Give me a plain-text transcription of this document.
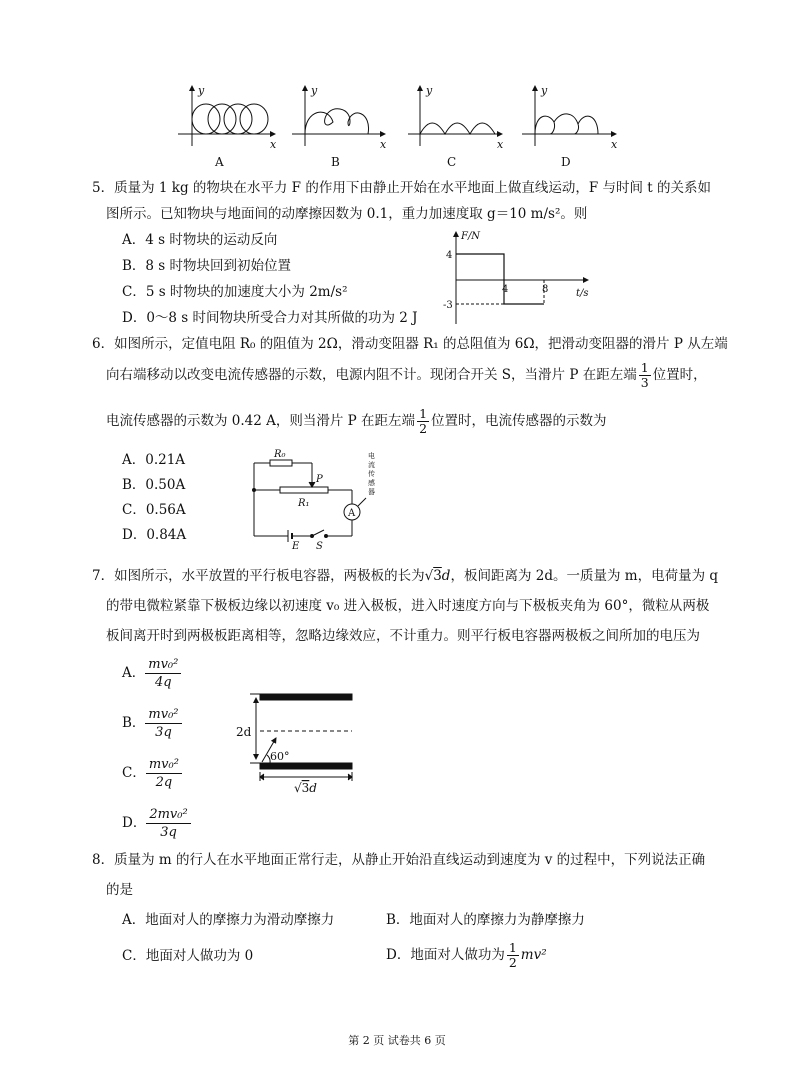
y
x
y
x
y
x
y
x
A	B	C	D
5．质量为 1 kg 的物块在水平力 F 的作用下由静止开始在水平地面上做直线运动，F 与时间 t 的关系如
图所示。已知物块与地面间的动摩擦因数为 0.1，重力加速度取 g＝10 m/s²。则
A．4 s 时物块的运动反向
B．8 s 时物块回到初始位置
C．5 s 时物块的加速度大小为 2m/s²
D．0～8 s 时间物块所受合力对其所做的功为 2 J
F/N
t/s
4
-3
4	8
6．如图所示，定值电阻 R₀ 的阻值为 2Ω，滑动变阻器 R₁ 的总阻值为 6Ω，把滑动变阻器的滑片 P 从左端
向右端移动以改变电流传感器的示数，电源内阻不计。现闭合开关 S，当滑片 P 在距左端 $\frac{1}{3}$ 位置时，
电流传感器的示数为 0.42 A，则当滑片 P 在距左端 $\frac{1}{2}$ 位置时，电流传感器的示数为
A．0.21A
B．0.50A
C．0.56A
D．0.84A
R₀
P
R₁
A
E S
电
流
传
感
器
7．如图所示，水平放置的平行板电容器，两极板的长为√3d，板间距离为 2d。一质量为 m，电荷量为 q
的带电微粒紧靠下极板边缘以初速度 v₀ 进入极板，进入时速度方向与下极板夹角为 60°，微粒从两极
板间离开时到两极板距离相等，忽略边缘效应，不计重力。则平行板电容器两极板之间所加的电压为
A． $\frac{\text{mv₀²}}{4q}$
B． $\frac{\text{mv₀²}}{3q}$
C． $\frac{\text{mv₀²}}{2q}$
D． $\frac{\text{2mv₀²}}{3q}$
2d
60°
√3d
8．质量为 m 的行人在水平地面正常行走，从静止开始沿直线运动到速度为 v 的过程中，下列说法正确
的是
A．地面对人的摩擦力为滑动摩擦力	B．地面对人的摩擦力为静摩擦力
C．地面对人做功为 0	D．地面对人做功为 $\frac{1}{2} mv^2$
第 2 页 试卷共 6 页
